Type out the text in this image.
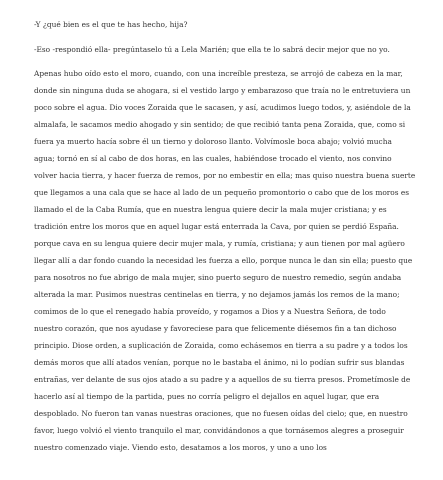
-Y ¿qué bien es el que te has hecho, hija?
-Eso -respondió ella- pregúntaselo tú a Lela Marién; que ella te lo sabrá decir mejor que no yo.
Apenas hubo oído esto el moro, cuando, con una increíble presteza, se arrojó de cabeza en la mar,
donde sin ninguna duda se ahogara, si el vestido largo y embarazoso que traía no le entretuviera un
poco sobre el agua. Dio voces Zoraida que le sacasen, y así, acudimos luego todos, y, asiéndole de la
almalafa, le sacamos medio ahogado y sin sentido; de que recibió tanta pena Zoraida, que, como si
fuera ya muerto hacía sobre él un tierno y doloroso llanto. Volvímosle boca abajo; volvió mucha
agua; tornó en sí al cabo de dos horas, en las cuales, habiéndose trocado el viento, nos convino
volver hacia tierra, y hacer fuerza de remos, por no embestir en ella; mas quiso nuestra buena suerte
que llegamos a una cala que se hace al lado de un pequeño promontorio o cabo que de los moros es
llamado el de la Caba Rumía, que en nuestra lengua quiere decir la mala mujer cristiana; y es
tradición entre los moros que en aquel lugar está enterrada la Cava, por quien se perdió España.
porque cava en su lengua quiere decir mujer mala, y rumía, cristiana; y aun tienen por mal agüero
llegar allí a dar fondo cuando la necesidad les fuerza a ello, porque nunca le dan sin ella; puesto que
para nosotros no fue abrigo de mala mujer, sino puerto seguro de nuestro remedio, según andaba
alterada la mar. Pusimos nuestras centinelas en tierra, y no dejamos jamás los remos de la mano;
comimos de lo que el renegado había proveído, y rogamos a Dios y a Nuestra Señora, de todo
nuestro corazón, que nos ayudase y favoreciese para que felicemente diésemos fin a tan dichoso
principio. Diose orden, a suplicación de Zoraida, como echásemos en tierra a su padre y a todos los
demás moros que allí atados venían, porque no le bastaba el ánimo, ni lo podían sufrir sus blandas
entrañas, ver delante de sus ojos atado a su padre y a aquellos de su tierra presos. Prometímosle de
hacerlo así al tiempo de la partida, pues no corría peligro el dejallos en aquel lugar, que era
despoblado. No fueron tan vanas nuestras oraciones, que no fuesen oídas del cielo; que, en nuestro
favor, luego volvió el viento tranquilo el mar, convidándonos a que tornásemos alegres a proseguir
nuestro comenzado viaje. Viendo esto, desatamos a los moros, y uno a uno los
